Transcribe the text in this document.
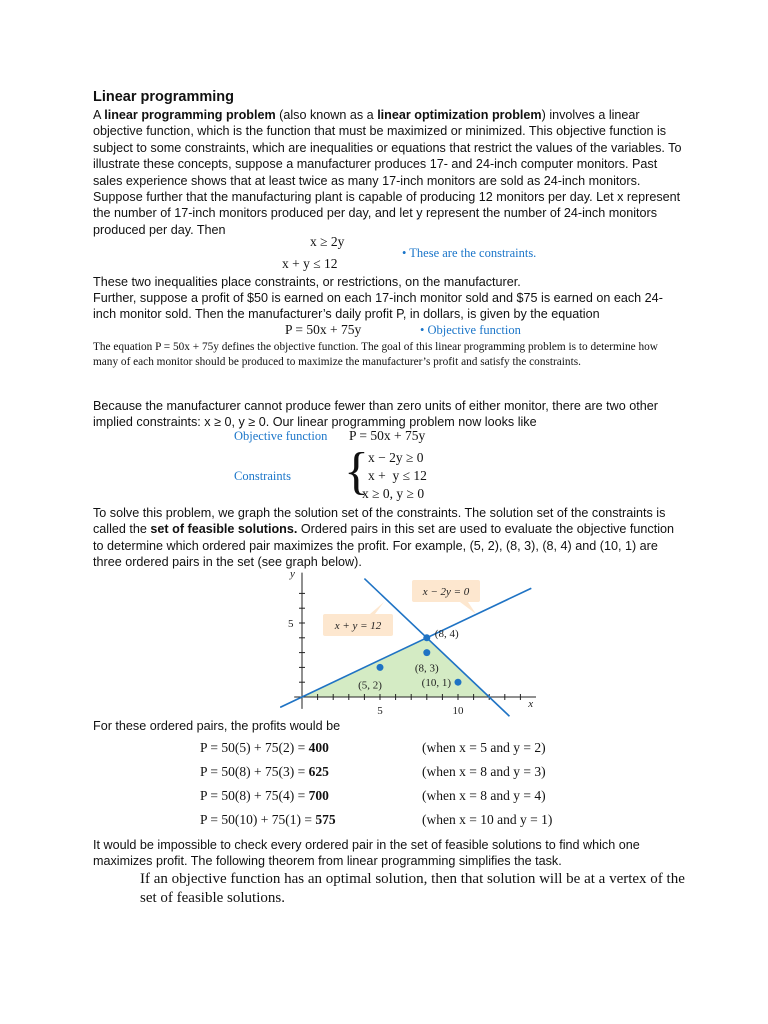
Linear programming
A linear programming problem (also known as a linear optimization problem) involves a linear objective function, which is the function that must be maximized or minimized. This objective function is subject to some constraints, which are inequalities or equations that restrict the values of the variables. To illustrate these concepts, suppose a manufacturer produces 17- and 24-inch computer monitors. Past sales experience shows that at least twice as many 17-inch monitors are sold as 24-inch monitors. Suppose further that the manufacturing plant is capable of producing 12 monitors per day. Let x represent the number of 17-inch monitors produced per day, and let y represent the number of 24-inch monitors produced per day. Then
x ≥ 2y
x + y ≤ 12
• These are the constraints.
These two inequalities place constraints, or restrictions, on the manufacturer.
Further, suppose a profit of $50 is earned on each 17-inch monitor sold and $75 is earned on each 24-inch monitor sold. Then the manufacturer’s daily profit P, in dollars, is given by the equation
P = 50x + 75y	• Objective function
The equation P = 50x + 75y defines the objective function. The goal of this linear programming problem is to determine how many of each monitor should be produced to maximize the manufacturer’s profit and satisfy the constraints.
Because the manufacturer cannot produce fewer than zero units of either monitor, there are two other implied constraints: x ≥ 0, y ≥ 0. Our linear programming problem now looks like
Objective function P = 50x + 75y
Constraints { x − 2y ≥ 0
x +  y ≤ 12
x ≥ 0, y ≥ 0
To solve this problem, we graph the solution set of the constraints. The solution set of the constraints is called the set of feasible solutions. Ordered pairs in this set are used to evaluate the objective function to determine which ordered pair maximizes the profit. For example, (5, 2), (8, 3), (8, 4) and (10, 1) are three ordered pairs in the set (see graph below).
5	10
5
x
y
x + y = 12
x − 2y = 0
(5, 2)
(8, 3)
(8, 4)
(10, 1)
For these ordered pairs, the profits would be
P = 50(5) + 75(2) = 400	(when x = 5 and y = 2)
P = 50(8) + 75(3) = 625	(when x = 8 and y = 3)
P = 50(8) + 75(4) = 700	(when x = 8 and y = 4)
P = 50(10) + 75(1) = 575	(when x = 10 and y = 1)
It would be impossible to check every ordered pair in the set of feasible solutions to find which one maximizes profit. The following theorem from linear programming simplifies the task.
If an objective function has an optimal solution, then that solution will be at a vertex of the set of feasible solutions.
